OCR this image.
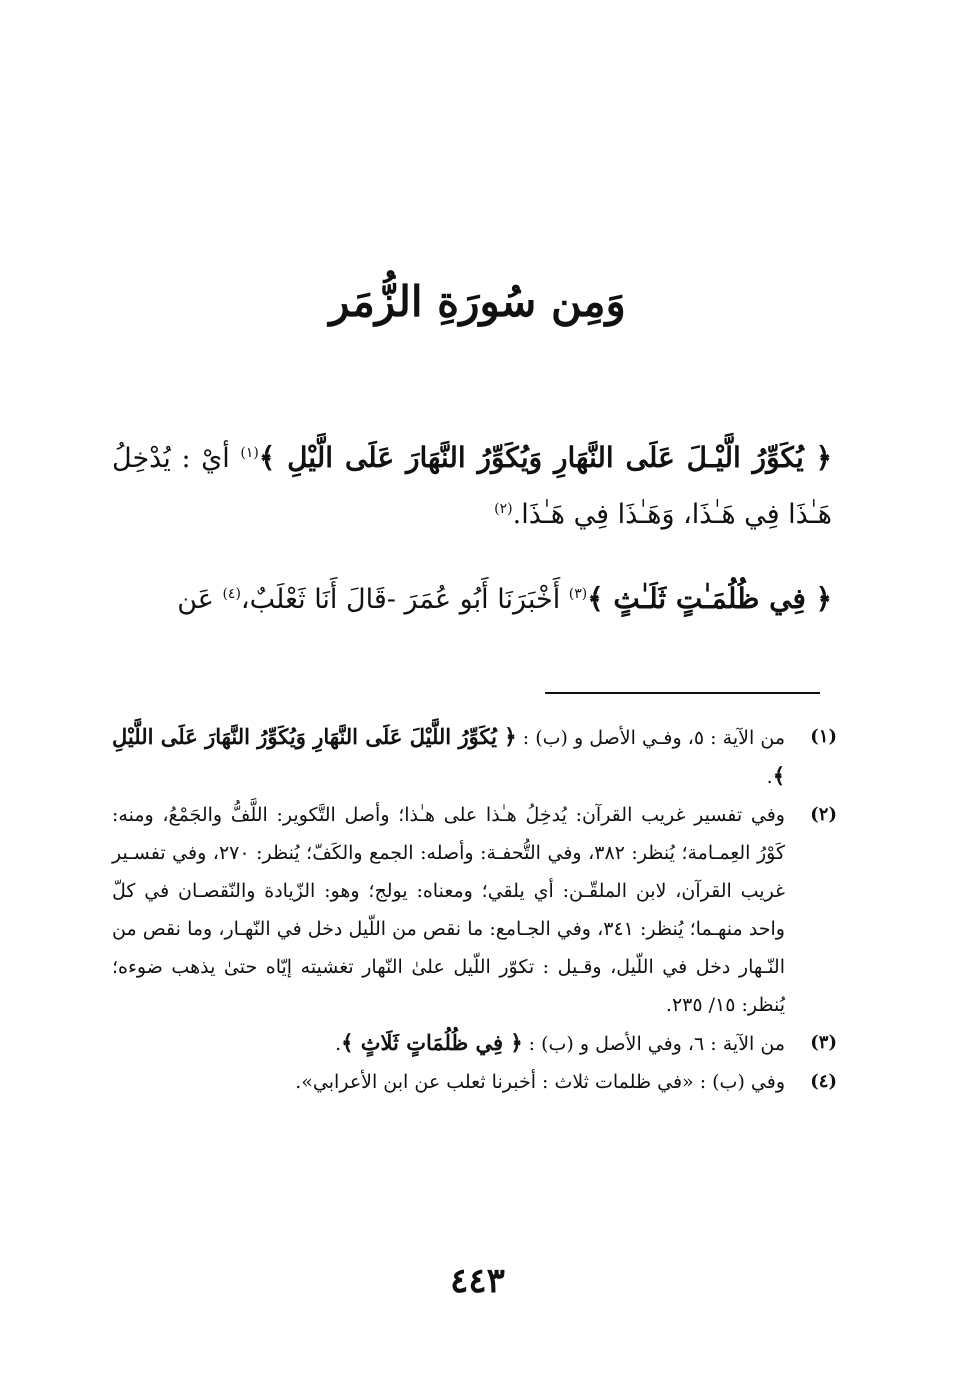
وَمِن سُورَةِ الزُّمَر

﴿ يُكَوِّرُ الَّيْـلَ عَلَى النَّهَارِ وَيُكَوِّرُ النَّهَارَ عَلَى الَّيْلِ ﴾$^{(١)}$ أيْ : يُدْخِلُ هَـٰذَا فِي هَـٰذَا، وَهَـٰذَا فِي هَـٰذَا.$^{(٢)}$

﴿ فِي ظُلُمَـٰتٍ ثَلَـٰثٍ ﴾$^{(٣)}$ أَخْبَرَنَا أَبُو عُمَرَ -قَالَ أَنَا ثَعْلَبٌ،$^{(٤)}$ عَن

(١)
من الآية : ٥، وفـي الأصل و (ب) : ﴿ يُكَوِّرُ اللَّيْلَ عَلَى النَّهَارِ وَيُكَوِّرُ النَّهَارَ عَلَى اللَّيْلِ ﴾.
(٢)
وفي تفسير غريب القرآن: يُدخِلُ هـٰذا على هـٰذا؛ وأصل التَّكوير: اللَّفُّ والجَمْعُ، ومنه: كَوْرُ العِمـامة؛ يُنظر: ٣٨٢، وفي التُّحفـة: وأصله: الجمع والكَفّ؛ يُنظر: ٢٧٠، وفي تفسـير غريب القرآن، لابن الملقّـن: أي يلقي؛ ومعناه: يولج؛ وهو: الزّيادة والنّقصـان في كلّ واحد منهـما؛ يُنظر: ٣٤١، وفي الجـامع: ما نقص من اللّيل دخل في النّهـار، وما نقص من النّـهار دخل في اللّيل، وقـيل : تكوّر اللّيل علىٰ النّهار تغشيته إيّاه حتىٰ يذهب ضوءه؛ يُنظر: ١٥/ ٢٣٥.
(٣)
من الآية : ٦، وفي الأصل و (ب) : ﴿ فِي ظُلُمَاتٍ ثَلَاثٍ ﴾.
(٤)
وفي (ب) : «في ظلمات ثلاث : أخبرنا ثعلب عن ابن الأعرابي».
٤٤٣
